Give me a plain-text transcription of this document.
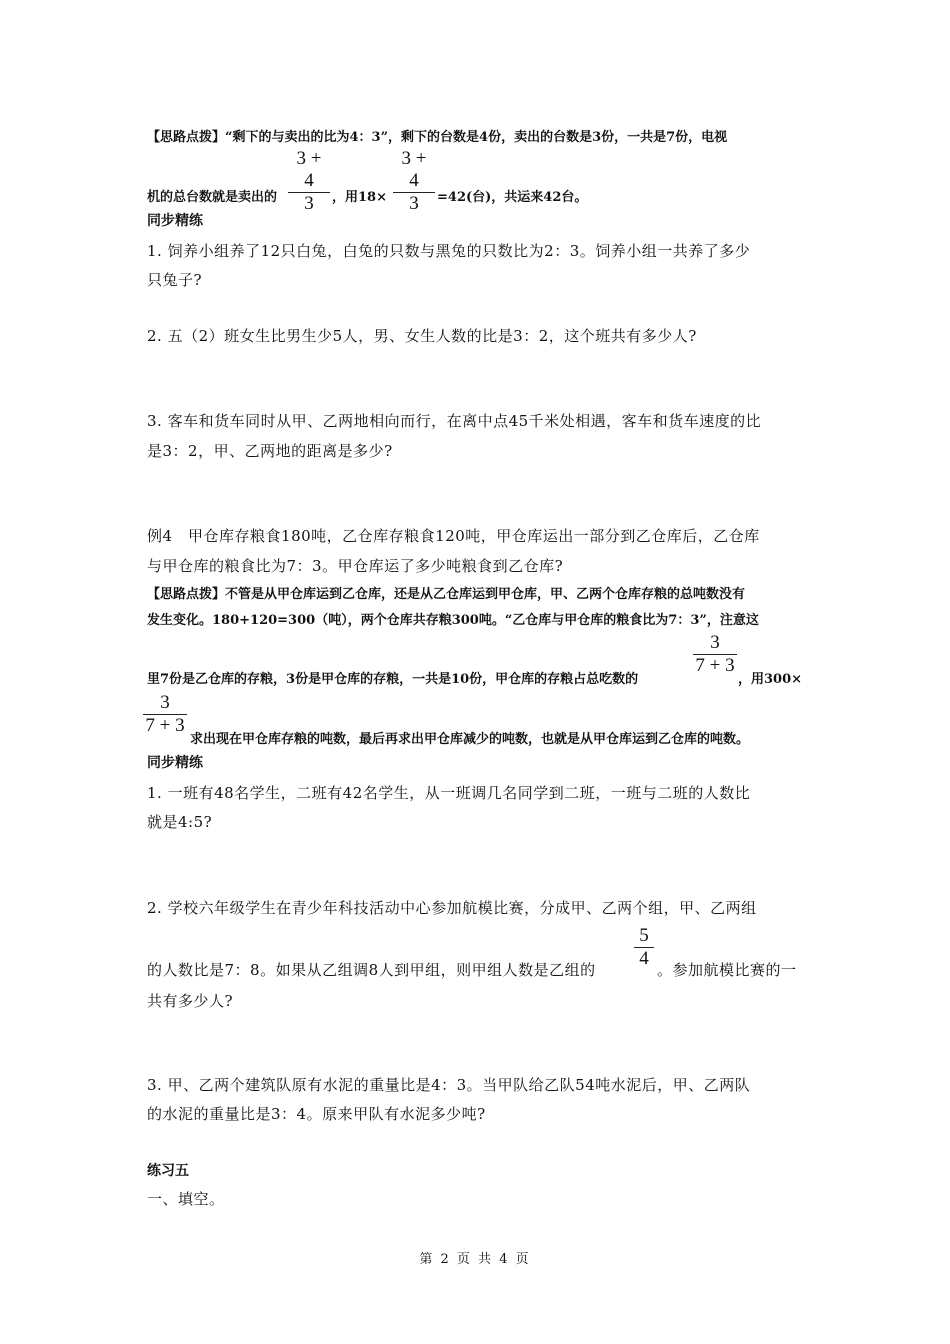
【思路点拨】“剩下的与卖出的比为4：3”，剩下的台数是4份，卖出的台数是3份，一共是7份，电视
3 + 4
3
3 + 4
3
机的总台数就是卖出的	，用18×	=42(台)，共运来42台。
同步精练
1. 饲养小组养了12只白兔，白兔的只数与黑兔的只数比为2：3。饲养小组一共养了多少
只兔子?
2. 五（2）班女生比男生少5人，男、女生人数的比是3：2，这个班共有多少人?
3. 客车和货车同时从甲、乙两地相向而行，在离中点45千米处相遇，客车和货车速度的比
是3：2，甲、乙两地的距离是多少?
例4　甲仓库存粮食180吨，乙仓库存粮食120吨，甲仓库运出一部分到乙仓库后，乙仓库
与甲仓库的粮食比为7：3。甲仓库运了多少吨粮食到乙仓库?
【思路点拨】不管是从甲仓库运到乙仓库，还是从乙仓库运到甲仓库，甲、乙两个仓库存粮的总吨数没有
发生变化。180+120=300（吨），两个仓库共存粮300吨。“乙仓库与甲仓库的粮食比为7：3”，注意这
3
7 + 3
里7份是乙仓库的存粮，3份是甲仓库的存粮，一共是10份，甲仓库的存粮占总吃数的	，用300×
3
7 + 3
求出现在甲仓库存粮的吨数，最后再求出甲仓库减少的吨数，也就是从甲仓库运到乙仓库的吨数。
同步精练
1. 一班有48名学生，二班有42名学生，从一班调几名同学到二班，一班与二班的人数比
就是4:5?
2. 学校六年级学生在青少年科技活动中心参加航模比赛，分成甲、乙两个组，甲、乙两组
5
4
的人数比是7：8。如果从乙组调8人到甲组，则甲组人数是乙组的	。参加航模比赛的一
共有多少人?
3. 甲、乙两个建筑队原有水泥的重量比是4：3。当甲队给乙队54吨水泥后，甲、乙两队
的水泥的重量比是3：4。原来甲队有水泥多少吨?
练习五
一、填空。
第 2 页 共 4 页
